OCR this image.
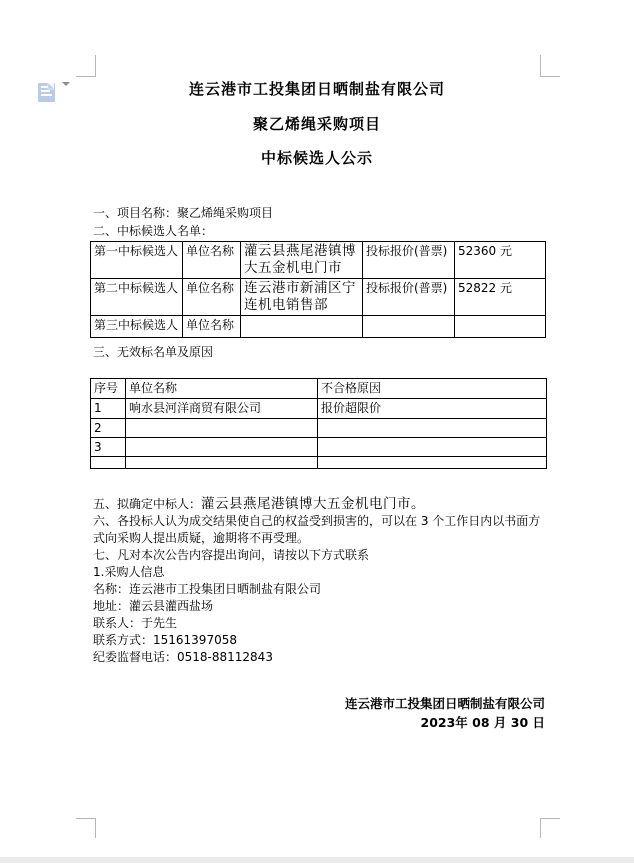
连云港市工投集团日晒制盐有限公司
聚乙烯绳采购项目
中标候选人公示
一、项目名称：聚乙烯绳采购项目
二、中标候选人名单：
第一中标候选人	单位名称	灌云县燕尾港镇博大五金机电门市	投标报价(普票)	52360 元
第二中标候选人	单位名称	连云港市新浦区宁连机电销售部	投标报价(普票)	52822 元
第三中标候选人	单位名称			
三、无效标名单及原因
序号	单位名称	不合格原因
1	响水县河洋商贸有限公司	报价超限价
2		
3		

五、拟确定中标人：灌云县燕尾港镇博大五金机电门市。
六、各投标人认为成交结果使自己的权益受到损害的，可以在 3 个工作日内以书面方式向采购人提出质疑，逾期将不再受理。
七、凡对本次公告内容提出询问，请按以下方式联系
1.采购人信息
名称：连云港市工投集团日晒制盐有限公司
地址：灌云县灌西盐场
联系人：于先生
联系方式：15161397058
纪委监督电话：0518-88112843
连云港市工投集团日晒制盐有限公司
2023年 08 月 30 日
